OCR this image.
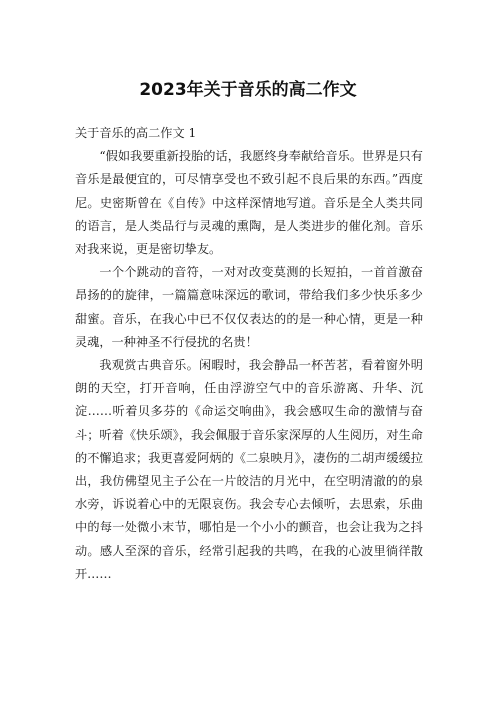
2023年关于音乐的高二作文

关于音乐的高二作文 1

“假如我要重新投胎的话，我愿终身奉献给音乐。世界是只有音乐是最便宜的，可尽情享受也不致引起不良后果的东西。”西度尼。史密斯曾在《自传》中这样深情地写道。音乐是全人类共同的语言，是人类品行与灵魂的熏陶，是人类进步的催化剂。音乐对我来说，更是密切挚友。

一个个跳动的音符，一对对改变莫测的长短拍，一首首激奋昂扬的的旋律，一篇篇意味深远的歌词，带给我们多少快乐多少甜蜜。音乐，在我心中已不仅仅表达的的是一种心情，更是一种灵魂，一种神圣不行侵扰的名贵！

我观赏古典音乐。闲暇时，我会静品一杯苦茗，看着窗外明朗的天空，打开音响，任由浮游空气中的音乐游离、升华、沉淀……听着贝多芬的《命运交响曲》，我会感叹生命的激情与奋斗；听着《快乐颂》，我会佩服于音乐家深厚的人生阅历，对生命的不懈追求；我更喜爱阿炳的《二泉映月》，凄伤的二胡声缓缓拉出，我仿佛望见主子公在一片皎洁的月光中，在空明清澈的的泉水旁，诉说着心中的无限哀伤。我会专心去倾听，去思索，乐曲中的每一处微小末节，哪怕是一个小小的颤音，也会让我为之抖动。感人至深的音乐，经常引起我的共鸣，在我的心波里徜徉散开……
